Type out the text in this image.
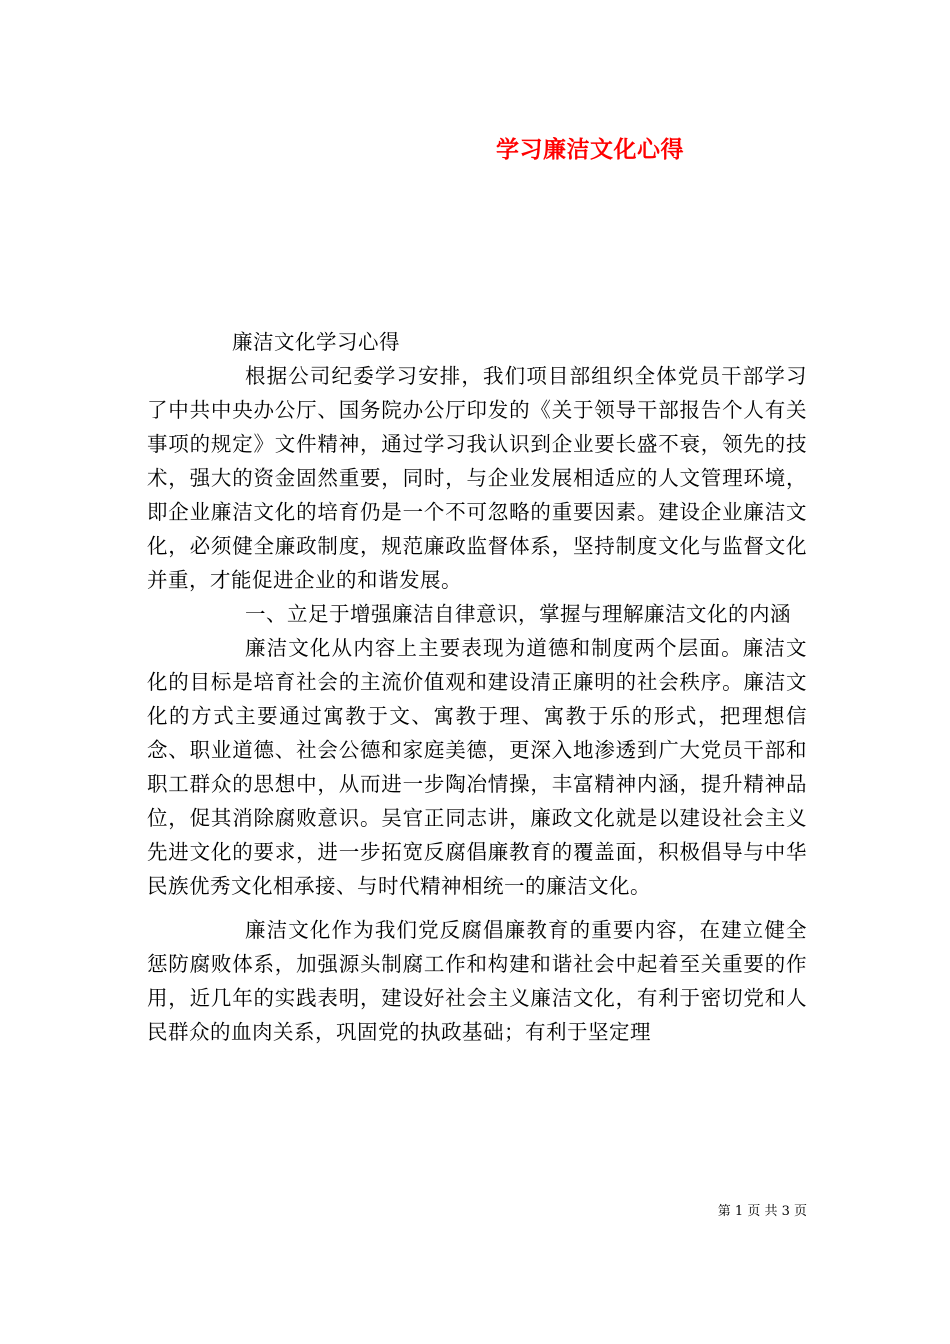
学习廉洁文化心得

廉洁文化学习心得

根据公司纪委学习安排，我们项目部组织全体党员干部学习了中共中央办公厅、国务院办公厅印发的《关于领导干部报告个人有关事项的规定》文件精神，通过学习我认识到企业要长盛不衰，领先的技术，强大的资金固然重要，同时，与企业发展相适应的人文管理环境，即企业廉洁文化的培育仍是一个不可忽略的重要因素。建设企业廉洁文化，必须健全廉政制度，规范廉政监督体系，坚持制度文化与监督文化并重，才能促进企业的和谐发展。

一、立足于增强廉洁自律意识，掌握与理解廉洁文化的内涵

廉洁文化从内容上主要表现为道德和制度两个层面。廉洁文化的目标是培育社会的主流价值观和建设清正廉明的社会秩序。廉洁文化的方式主要通过寓教于文、寓教于理、寓教于乐的形式，把理想信念、职业道德、社会公德和家庭美德，更深入地渗透到广大党员干部和职工群众的思想中，从而进一步陶冶情操，丰富精神内涵，提升精神品位，促其消除腐败意识。吴官正同志讲，廉政文化就是以建设社会主义先进文化的要求，进一步拓宽反腐倡廉教育的覆盖面，积极倡导与中华民族优秀文化相承接、与时代精神相统一的廉洁文化。

廉洁文化作为我们党反腐倡廉教育的重要内容，在建立健全惩防腐败体系，加强源头制腐工作和构建和谐社会中起着至关重要的作用，近几年的实践表明，建设好社会主义廉洁文化，有利于密切党和人民群众的血肉关系，巩固党的执政基础；有利于坚定理

第 1 页 共 3 页
